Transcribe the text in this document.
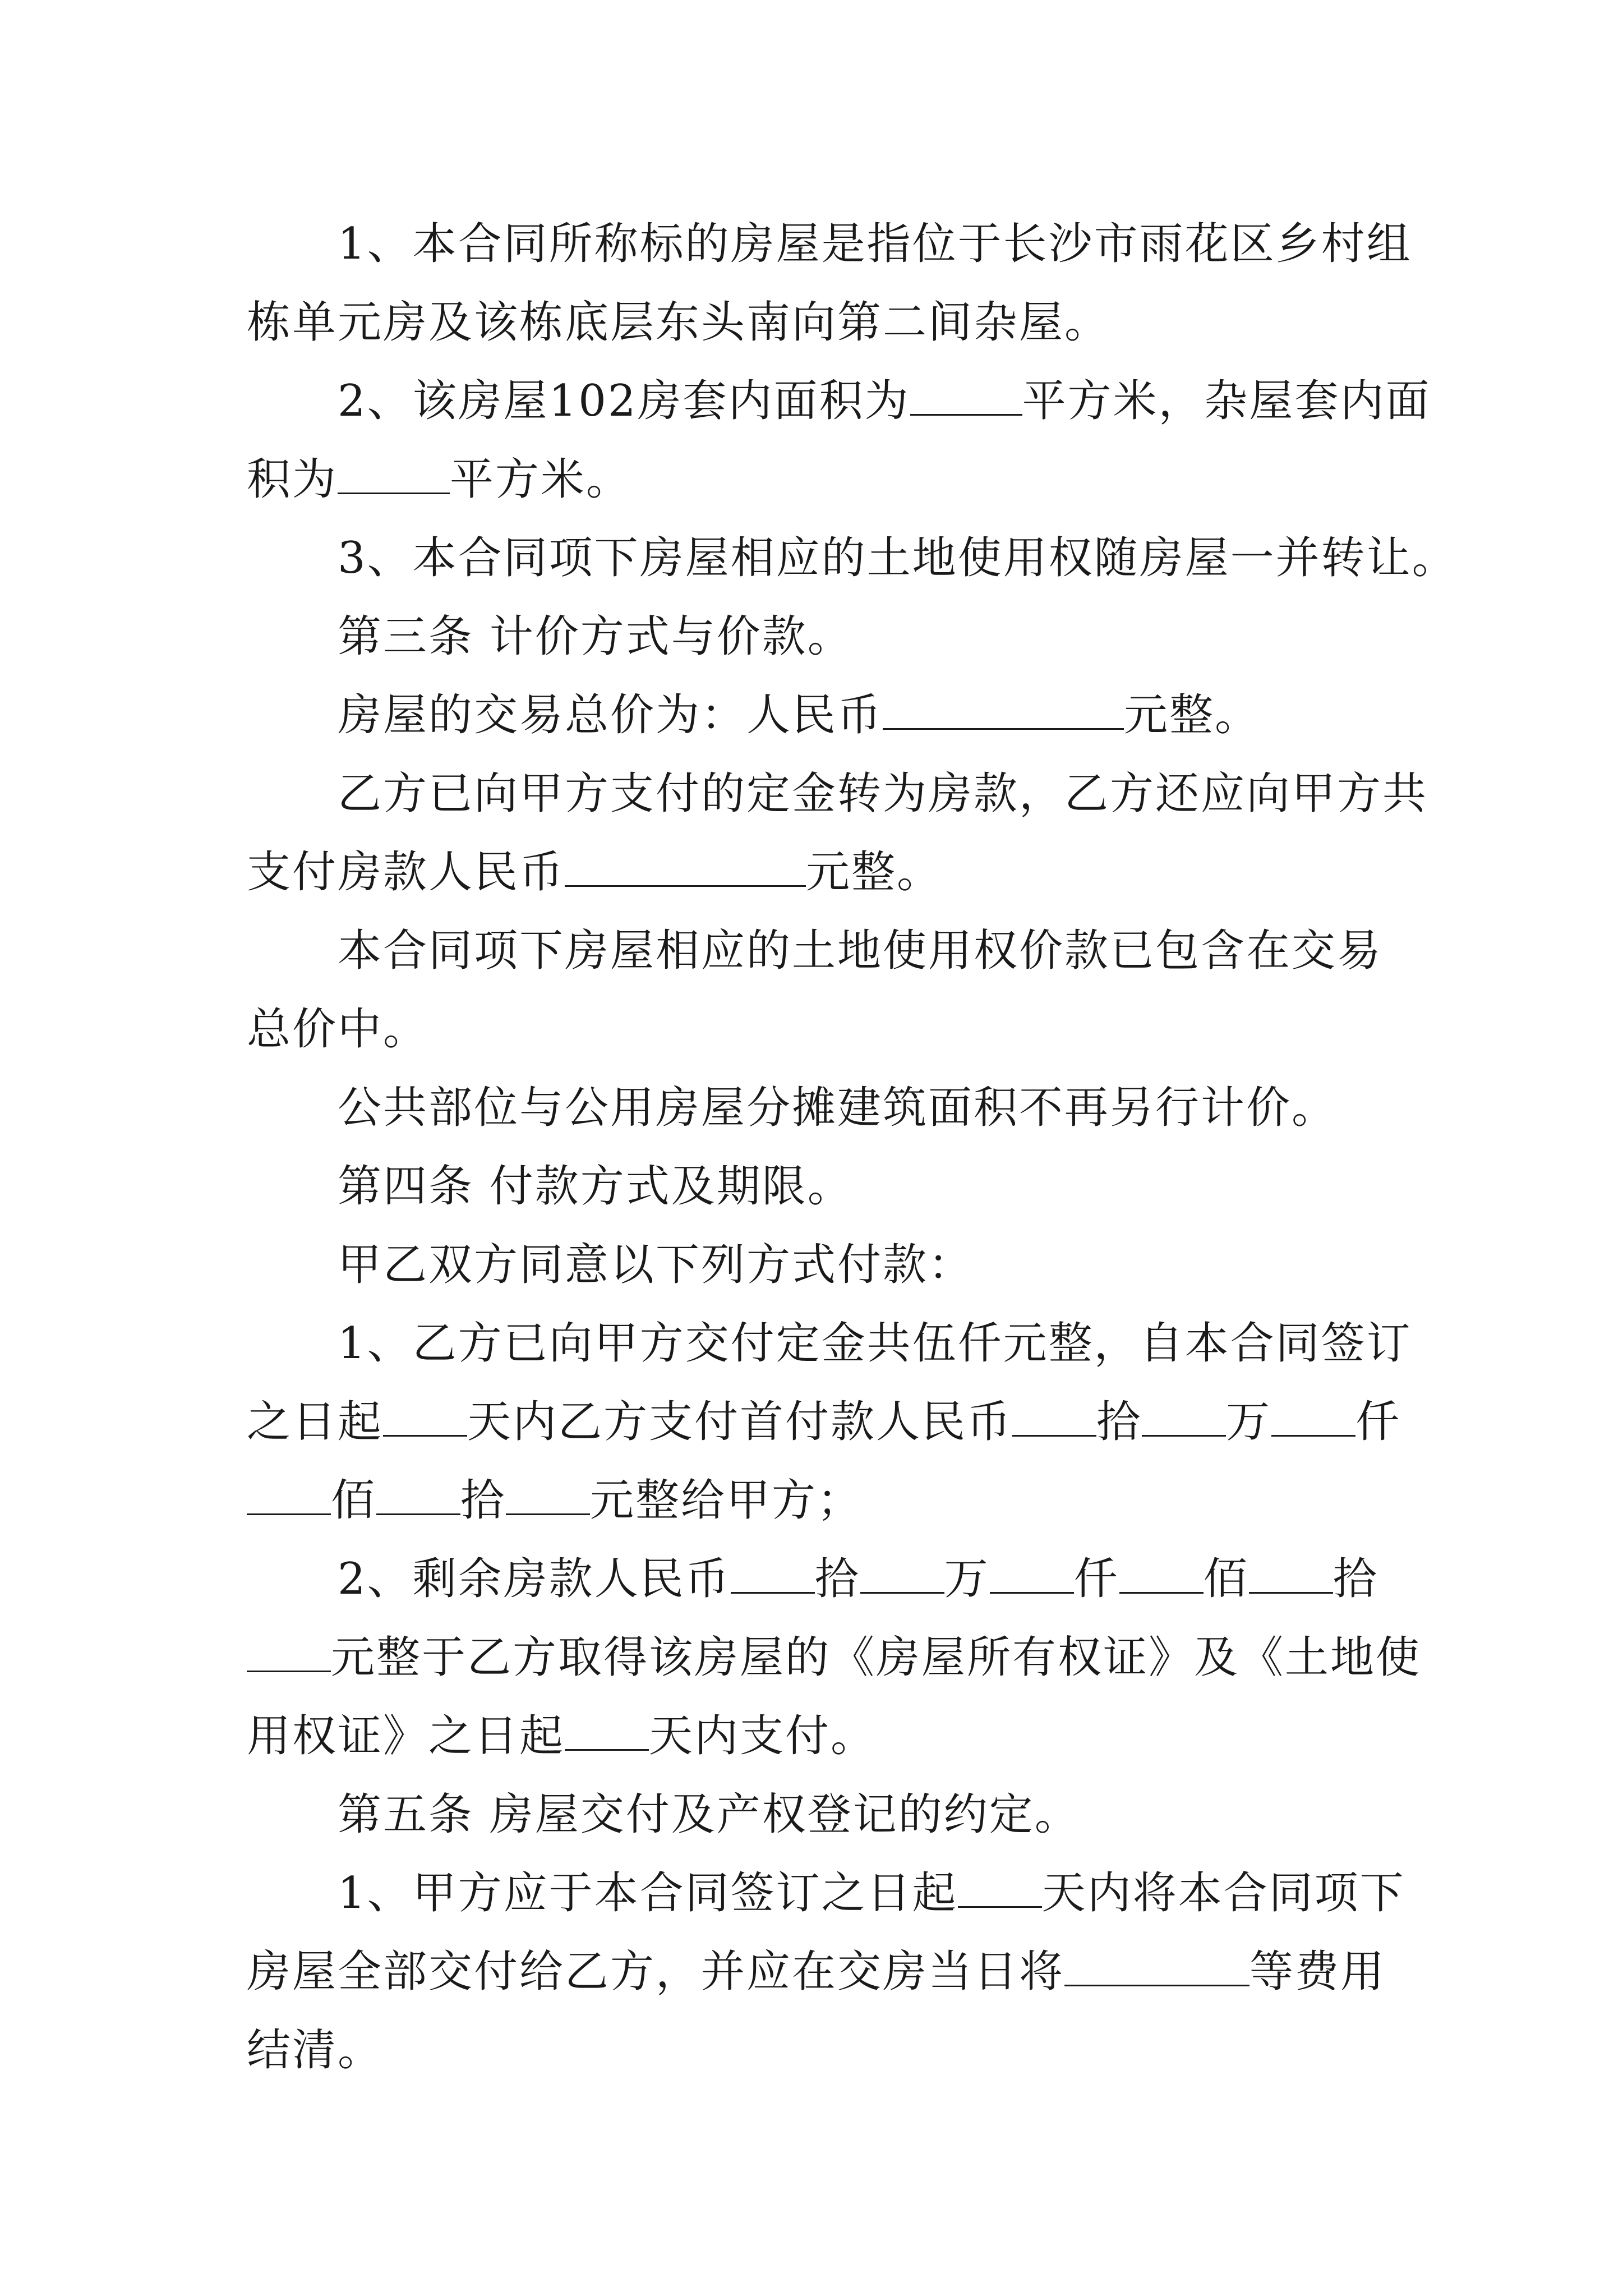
1、本合同所称标的房屋是指位于长沙市雨花区乡村组
栋单元房及该栋底层东头南向第二间杂屋。
2、该房屋102房套内面积为	平方米，杂屋套内面
积为	平方米。
3、本合同项下房屋相应的土地使用权随房屋一并转让。
第三条 计价方式与价款。
房屋的交易总价为：人民币	元整。
乙方已向甲方支付的定金转为房款，乙方还应向甲方共
支付房款人民币	元整。
本合同项下房屋相应的土地使用权价款已包含在交易
总价中。
公共部位与公用房屋分摊建筑面积不再另行计价。
第四条 付款方式及期限。
甲乙双方同意以下列方式付款：
1、乙方已向甲方交付定金共伍仟元整，自本合同签订
之日起 天内乙方支付首付款人民币 拾 万 仟
佰 拾 元整给甲方；
2、剩余房款人民币 拾 万 仟 佰 拾
元整于乙方取得该房屋的《房屋所有权证》及《土地使
用权证》之日起 天内支付。
第五条 房屋交付及产权登记的约定。
1、甲方应于本合同签订之日起 天内将本合同项下
房屋全部交付给乙方，并应在交房当日将	等费用
结清。
